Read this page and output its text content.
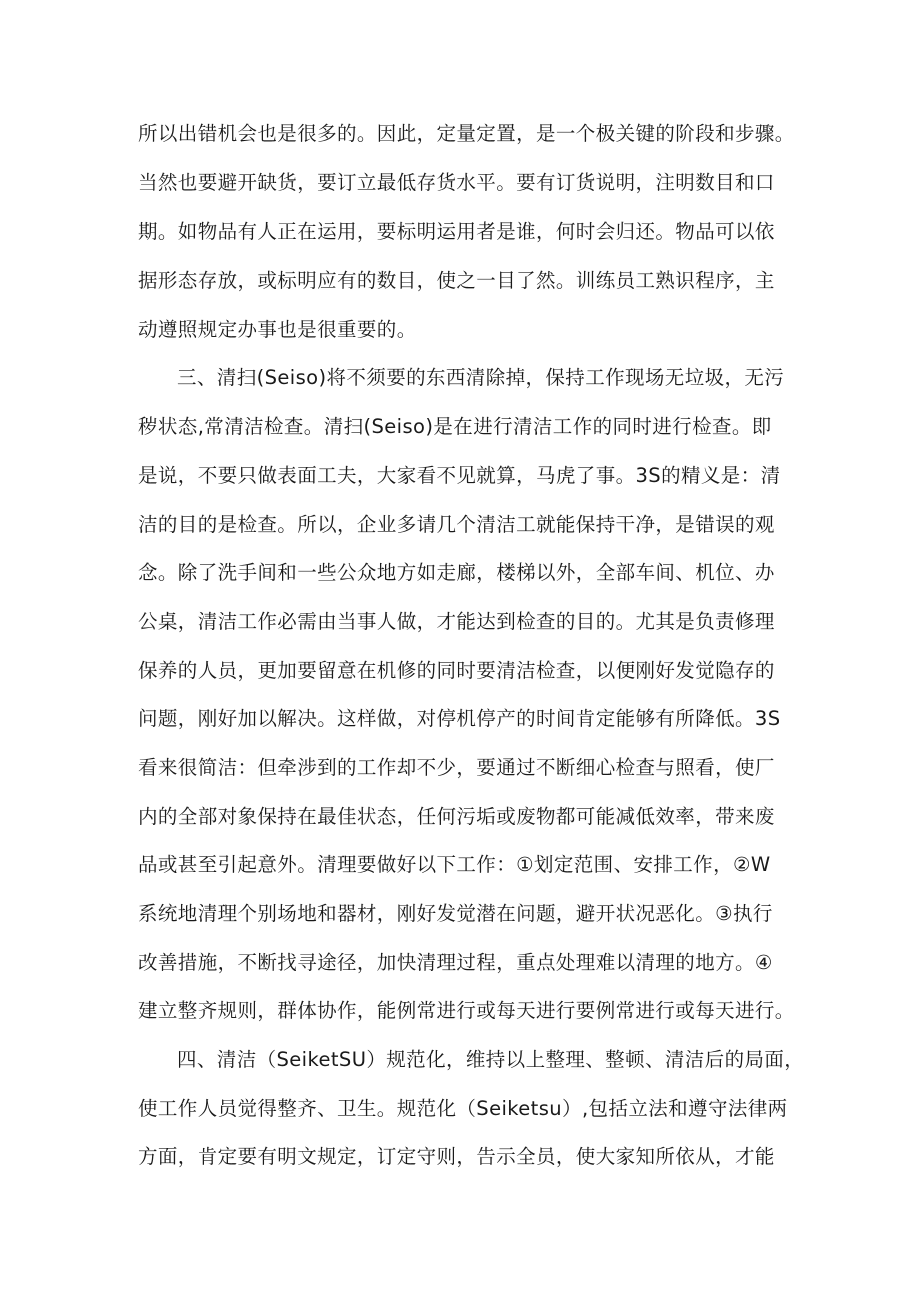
所以出错机会也是很多的。因此，定量定置，是一个极关键的阶段和步骤。

当然也要避开缺货，要订立最低存货水平。要有订货说明，注明数目和口

期。如物品有人正在运用，要标明运用者是谁，何时会归还。物品可以依

据形态存放，或标明应有的数目，使之一目了然。训练员工熟识程序，主

动遵照规定办事也是很重要的。

三、清扫(Seiso)将不须要的东西清除掉，保持工作现场无垃圾，无污

秽状态,常清洁检查。清扫(Seiso)是在进行清洁工作的同时进行检查。即

是说，不要只做表面工夫，大家看不见就算，马虎了事。3S的精义是：清

洁的目的是检查。所以，企业多请几个清洁工就能保持干净，是错误的观

念。除了洗手间和一些公众地方如走廊，楼梯以外，全部车间、机位、办

公桌，清洁工作必需由当事人做，才能达到检查的目的。尤其是负责修理

保养的人员，更加要留意在机修的同时要清洁检查，以便刚好发觉隐存的

问题，刚好加以解决。这样做，对停机停产的时间肯定能够有所降低。3S

看来很简洁：但牵涉到的工作却不少，要通过不断细心检查与照看，使厂

内的全部对象保持在最佳状态，任何污垢或废物都可能减低效率，带来废

品或甚至引起意外。清理要做好以下工作：①划定范围、安排工作，②W

系统地清理个别场地和器材，刚好发觉潜在问题，避开状况恶化。③执行

改善措施，不断找寻途径，加快清理过程，重点处理难以清理的地方。④

建立整齐规则，群体协作，能例常进行或每天进行要例常进行或每天进行。

四、清洁（SeiketSU）规范化，维持以上整理、整顿、清洁后的局面，

使工作人员觉得整齐、卫生。规范化（Seiketsu）,包括立法和遵守法律两

方面，肯定要有明文规定，订定守则，告示全员，使大家知所依从，才能
